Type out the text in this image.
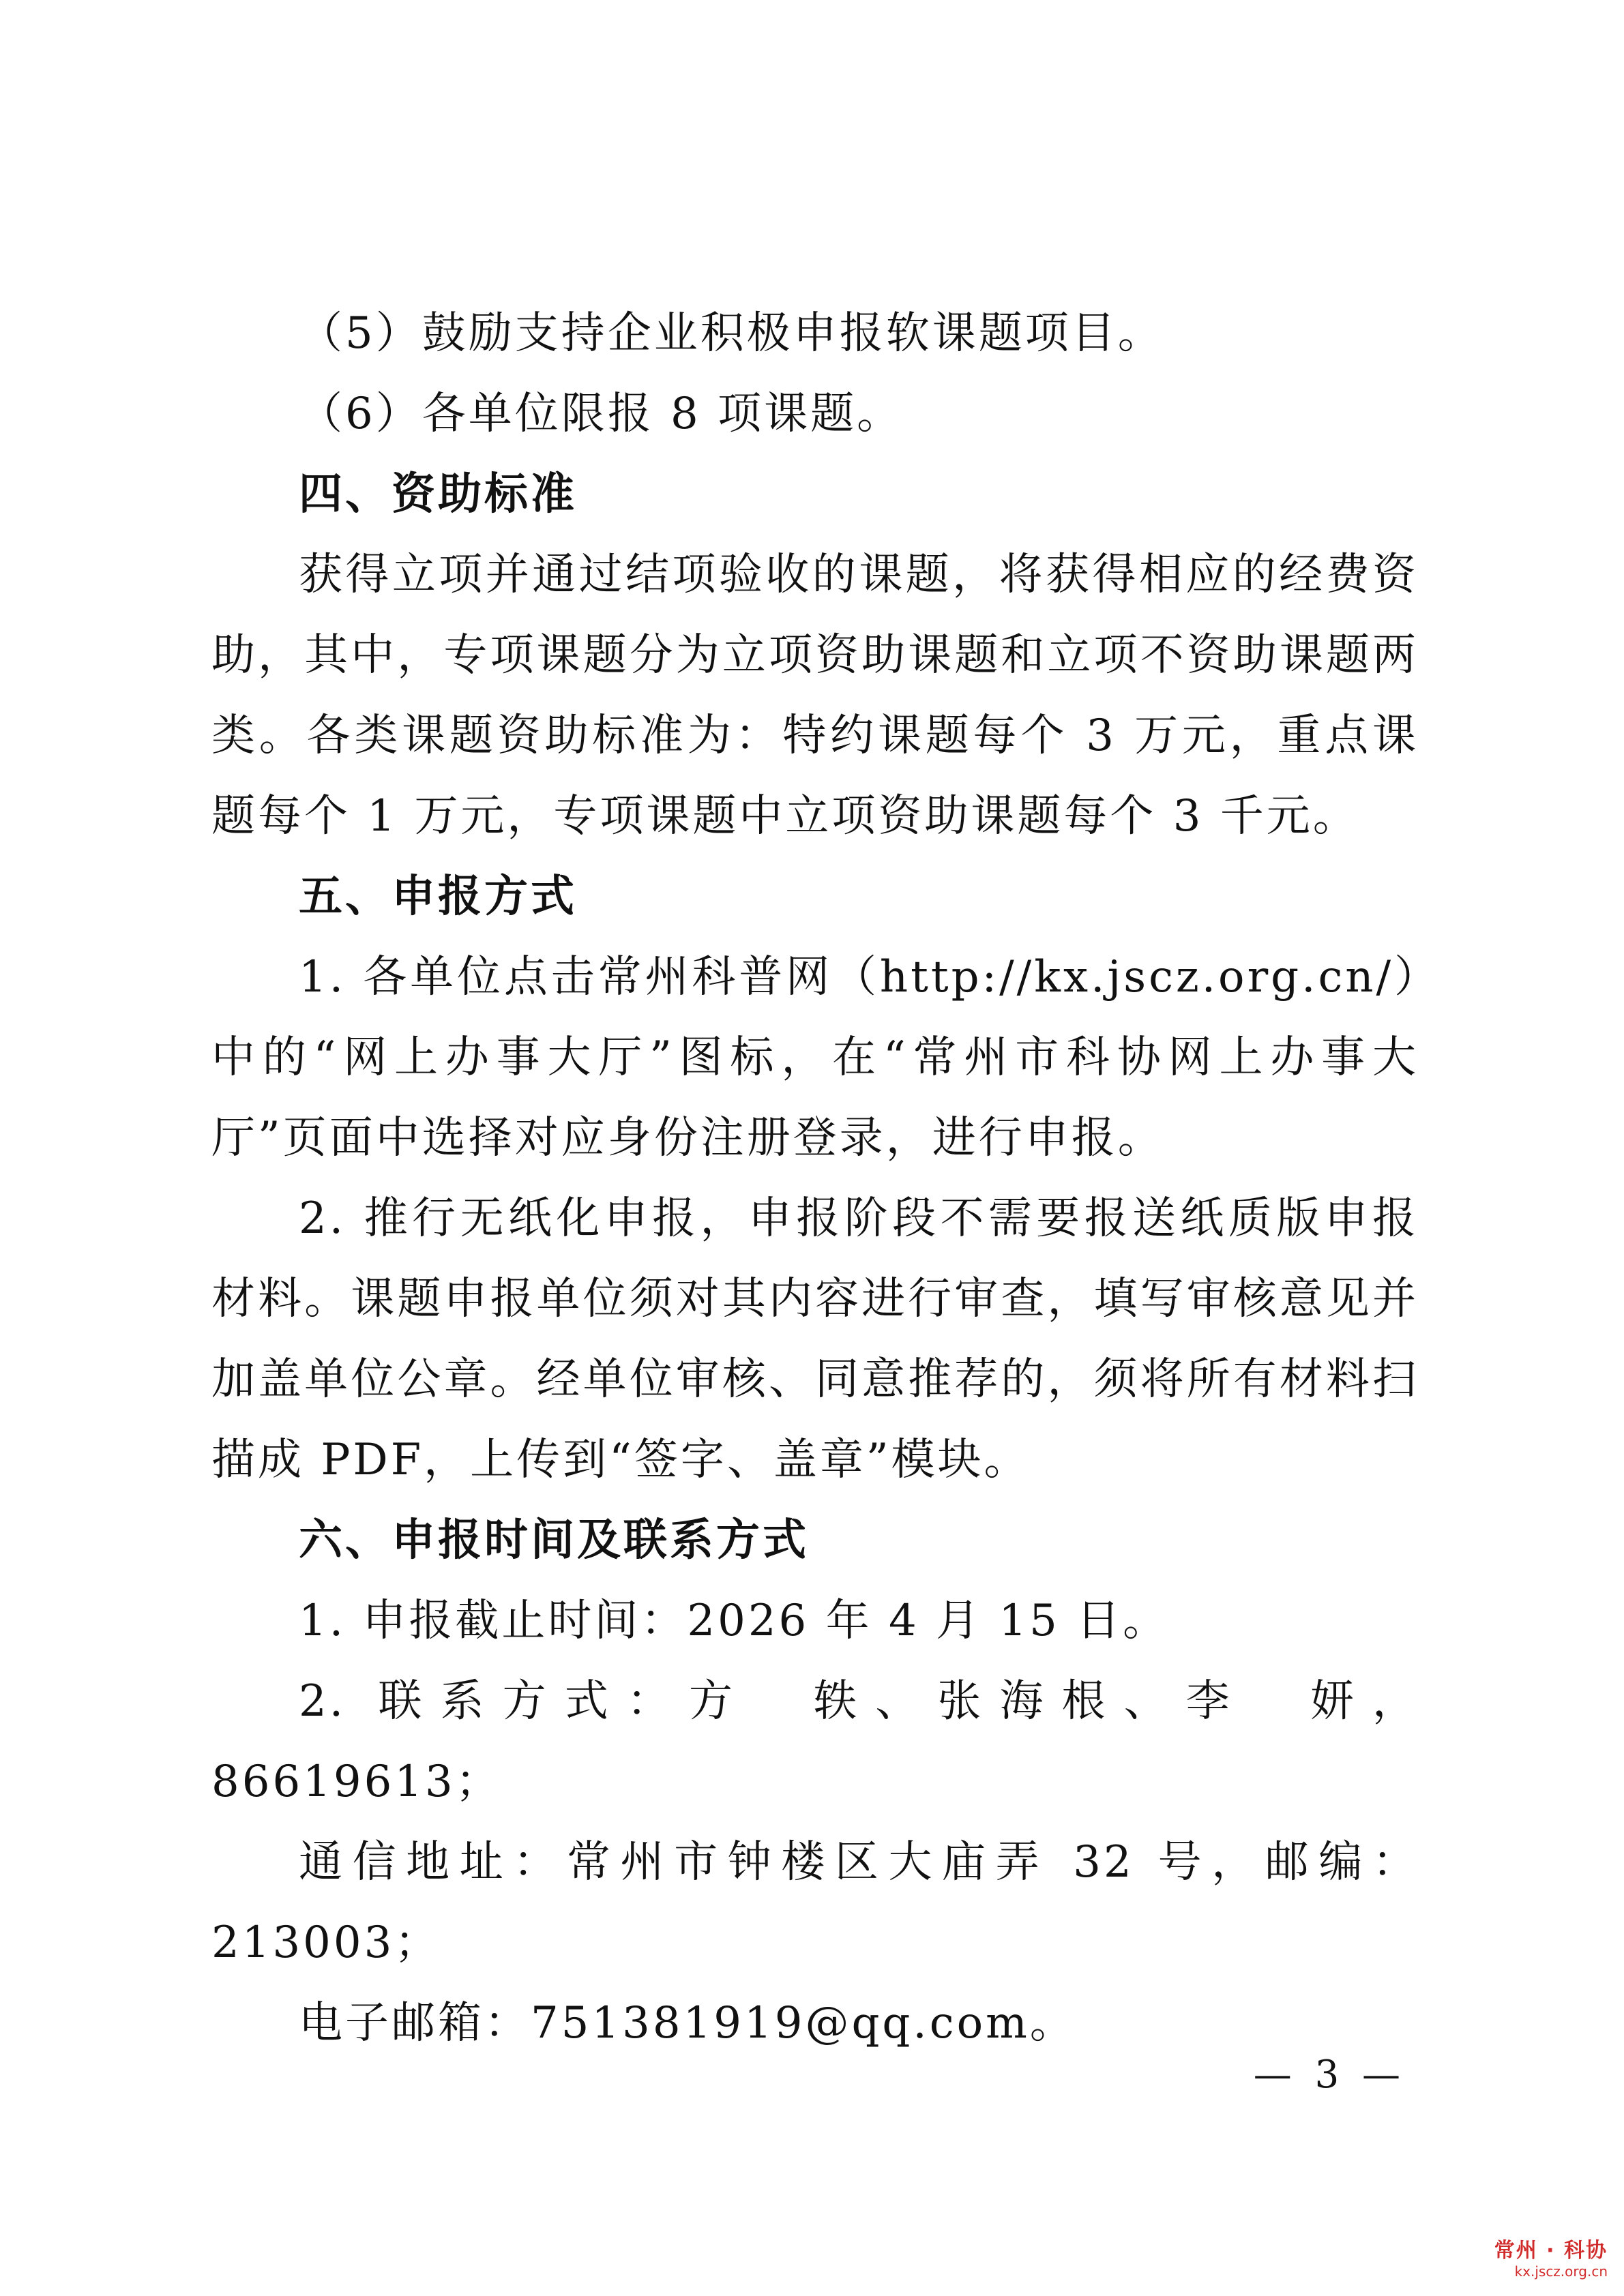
（5）鼓励支持企业积极申报软课题项目。

（6）各单位限报 8 项课题。

四、资助标准

获得立项并通过结项验收的课题，将获得相应的经费资助，其中，专项课题分为立项资助课题和立项不资助课题两类。各类课题资助标准为：特约课题每个 3 万元，重点课题每个 1 万元，专项课题中立项资助课题每个 3 千元。

五、申报方式

1. 各单位点击常州科普网（http://kx.jscz.org.cn/）中的“网上办事大厅”图标，在“常州市科协网上办事大厅”页面中选择对应身份注册登录，进行申报。

2. 推行无纸化申报，申报阶段不需要报送纸质版申报材料。课题申报单位须对其内容进行审查，填写审核意见并加盖单位公章。经单位审核、同意推荐的，须将所有材料扫描成 PDF，上传到“签字、盖章”模块。

六、申报时间及联系方式

1. 申报截止时间：2026 年 4 月 15 日。

2. 联系方式：方　轶、张海根、李　妍，86619613；

通信地址：常州市钟楼区大庙弄 32 号，邮编：213003；

电子邮箱：751381919@qq.com。

— 3 —
常州 · 科协
kx.jscz.org.cn
